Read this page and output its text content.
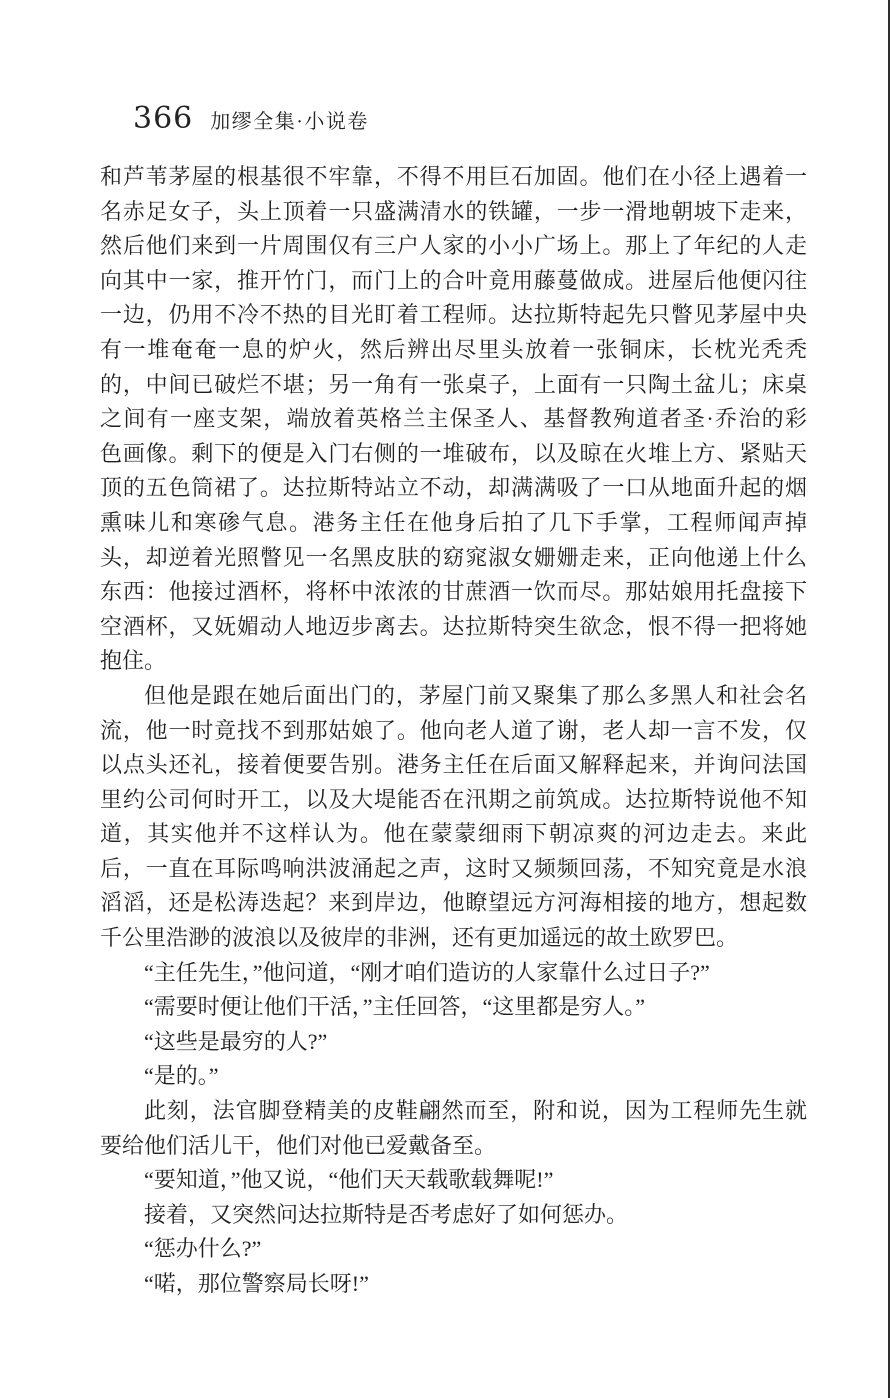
366 加缪全集·小说卷
和芦苇茅屋的根基很不牢靠，不得不用巨石加固。他们在小径上遇着一
名赤足女子，头上顶着一只盛满清水的铁罐，一步一滑地朝坡下走来，
然后他们来到一片周围仅有三户人家的小小广场上。那上了年纪的人走
向其中一家，推开竹门，而门上的合叶竟用藤蔓做成。进屋后他便闪往
一边，仍用不冷不热的目光盯着工程师。达拉斯特起先只瞥见茅屋中央
有一堆奄奄一息的炉火，然后辨出尽里头放着一张铜床，长枕光秃秃
的，中间已破烂不堪；另一角有一张桌子，上面有一只陶土盆儿；床桌
之间有一座支架，端放着英格兰主保圣人、基督教殉道者圣·乔治的彩
色画像。剩下的便是入门右侧的一堆破布，以及晾在火堆上方、紧贴天
顶的五色筒裙了。达拉斯特站立不动，却满满吸了一口从地面升起的烟
熏味儿和寒碜气息。港务主任在他身后拍了几下手掌，工程师闻声掉
头，却逆着光照瞥见一名黑皮肤的窈窕淑女姗姗走来，正向他递上什么
东西：他接过酒杯，将杯中浓浓的甘蔗酒一饮而尽。那姑娘用托盘接下
空酒杯，又妩媚动人地迈步离去。达拉斯特突生欲念，恨不得一把将她
抱住。
但他是跟在她后面出门的，茅屋门前又聚集了那么多黑人和社会名
流，他一时竟找不到那姑娘了。他向老人道了谢，老人却一言不发，仅
以点头还礼，接着便要告别。港务主任在后面又解释起来，并询问法国
里约公司何时开工，以及大堤能否在汛期之前筑成。达拉斯特说他不知
道，其实他并不这样认为。他在蒙蒙细雨下朝凉爽的河边走去。来此
后，一直在耳际鸣响洪波涌起之声，这时又频频回荡，不知究竟是水浪
滔滔，还是松涛迭起？来到岸边，他瞭望远方河海相接的地方，想起数
千公里浩渺的波浪以及彼岸的非洲，还有更加遥远的故土欧罗巴。
“主任先生，”他问道，“刚才咱们造访的人家靠什么过日子?”
“需要时便让他们干活，”主任回答，“这里都是穷人。”
“这些是最穷的人?”
“是的。”
此刻，法官脚登精美的皮鞋翩然而至，附和说，因为工程师先生就
要给他们活儿干，他们对他已爱戴备至。
“要知道，”他又说，“他们天天载歌载舞呢!”
接着，又突然问达拉斯特是否考虑好了如何惩办。
“惩办什么?”
“喏，那位警察局长呀!”
